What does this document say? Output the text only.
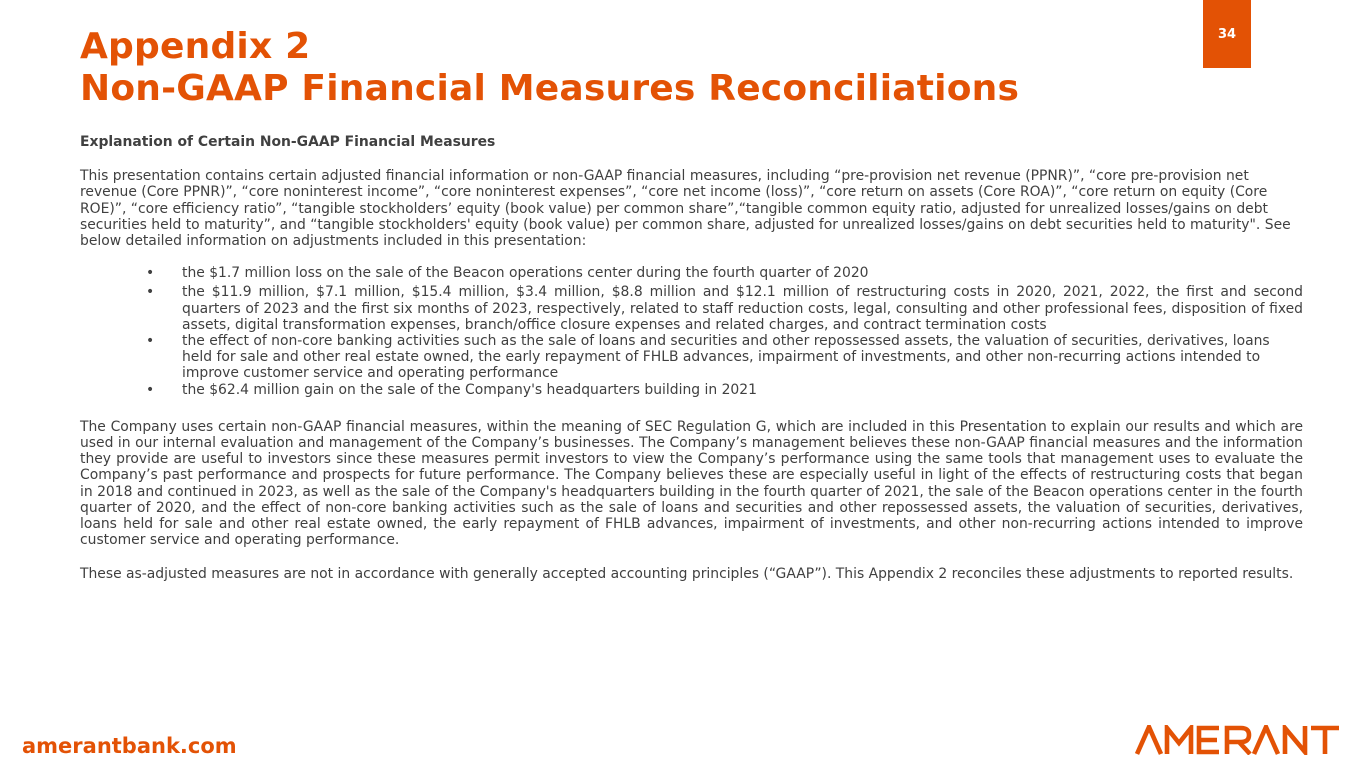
34
Appendix 2
Non-GAAP Financial Measures Reconciliations

Explanation of Certain Non-GAAP Financial Measures

This presentation contains certain adjusted financial information or non-GAAP financial measures, including “pre-provision net revenue (PPNR)”, “core pre-provision net revenue (Core PPNR)”, “core noninterest income”, “core noninterest expenses”, “core net income (loss)”, “core return on assets (Core ROA)”, “core return on equity (Core ROE)”, “core efficiency ratio”, “tangible stockholders’ equity (book value) per common share”,“tangible common equity ratio, adjusted for unrealized losses/gains on debt securities held to maturity”, and “tangible stockholders' equity (book value) per common share, adjusted for unrealized losses/gains on debt securities held to maturity". See below detailed information on adjustments included in this presentation:

• the $1.7 million loss on the sale of the Beacon operations center during the fourth quarter of 2020
• the $11.9 million, $7.1 million, $15.4 million, $3.4 million, $8.8 million and $12.1 million of restructuring costs in 2020, 2021, 2022, the first and second quarters of 2023 and the first six months of 2023, respectively, related to staff reduction costs, legal, consulting and other professional fees, disposition of fixed assets, digital transformation expenses, branch/office closure expenses and related charges, and contract termination costs
• the effect of non-core banking activities such as the sale of loans and securities and other repossessed assets, the valuation of securities, derivatives, loans held for sale and other real estate owned, the early repayment of FHLB advances, impairment of investments, and other non-recurring actions intended to improve customer service and operating performance
• the $62.4 million gain on the sale of the Company's headquarters building in 2021

The Company uses certain non-GAAP financial measures, within the meaning of SEC Regulation G, which are included in this Presentation to explain our results and which are used in our internal evaluation and management of the Company’s businesses. The Company’s management believes these non-GAAP financial measures and the information they provide are useful to investors since these measures permit investors to view the Company’s performance using the same tools that management uses to evaluate the Company’s past performance and prospects for future performance. The Company believes these are especially useful in light of the effects of restructuring costs that began in 2018 and continued in 2023, as well as the sale of the Company's headquarters building in the fourth quarter of 2021, the sale of the Beacon operations center in the fourth quarter of 2020, and the effect of non-core banking activities such as the sale of loans and securities and other repossessed assets, the valuation of securities, derivatives, loans held for sale and other real estate owned, the early repayment of FHLB advances, impairment of investments, and other non-recurring actions intended to improve customer service and operating performance.

These as-adjusted measures are not in accordance with generally accepted accounting principles (“GAAP”). This Appendix 2 reconciles these adjustments to reported results.

amerantbank.com
